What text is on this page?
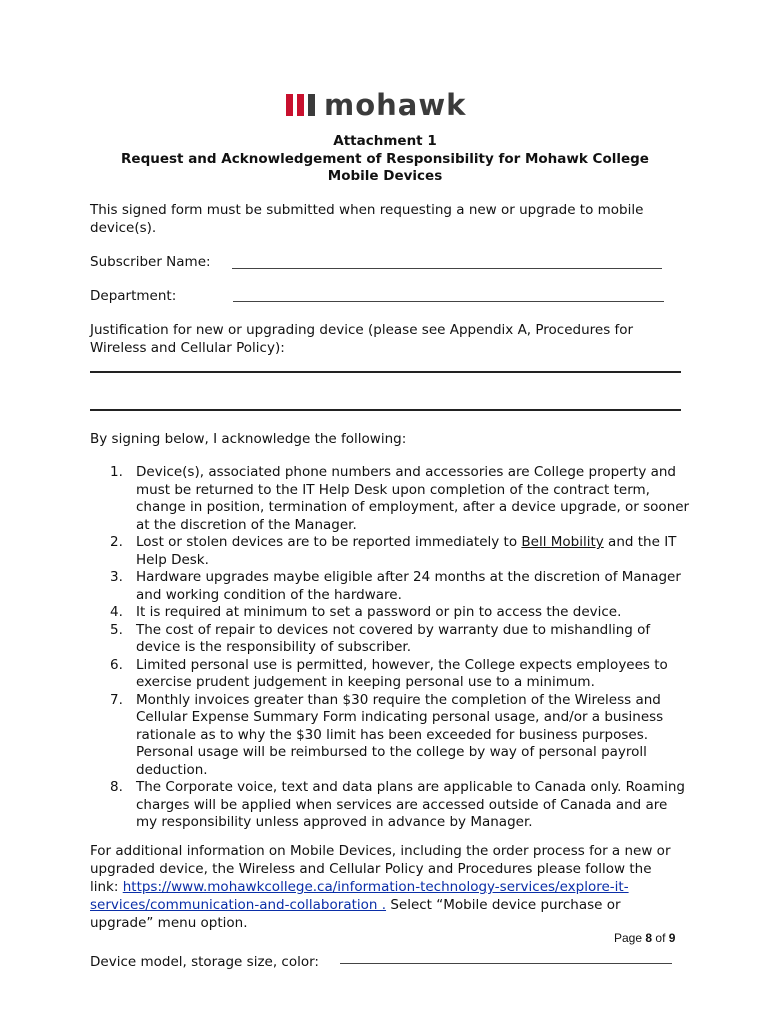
mohawk
Attachment 1
Request and Acknowledgement of Responsibility for Mohawk College
Mobile Devices
This signed form must be submitted when requesting a new or upgrade to mobile device(s).
Subscriber Name:
Department:
Justification for new or upgrading device (please see Appendix A, Procedures for Wireless and Cellular Policy):
By signing below, I acknowledge the following:
1. Device(s), associated phone numbers and accessories are College property and must be returned to the IT Help Desk upon completion of the contract term, change in position, termination of employment, after a device upgrade, or sooner at the discretion of the Manager.
2. Lost or stolen devices are to be reported immediately to Bell Mobility and the IT Help Desk.
3. Hardware upgrades maybe eligible after 24 months at the discretion of Manager and working condition of the hardware.
4. It is required at minimum to set a password or pin to access the device.
5. The cost of repair to devices not covered by warranty due to mishandling of device is the responsibility of subscriber.
6. Limited personal use is permitted, however, the College expects employees to exercise prudent judgement in keeping personal use to a minimum.
7. Monthly invoices greater than $30 require the completion of the Wireless and Cellular Expense Summary Form indicating personal usage, and/or a business rationale as to why the $30 limit has been exceeded for business purposes. Personal usage will be reimbursed to the college by way of personal payroll deduction.
8. The Corporate voice, text and data plans are applicable to Canada only. Roaming charges will be applied when services are accessed outside of Canada and are my responsibility unless approved in advance by Manager.
For additional information on Mobile Devices, including the order process for a new or upgraded device, the Wireless and Cellular Policy and Procedures please follow the link: https://www.mohawkcollege.ca/information-technology-services/explore-it-services/communication-and-collaboration . Select “Mobile device purchase or upgrade” menu option.
Page 8 of 9
Device model, storage size, color:
